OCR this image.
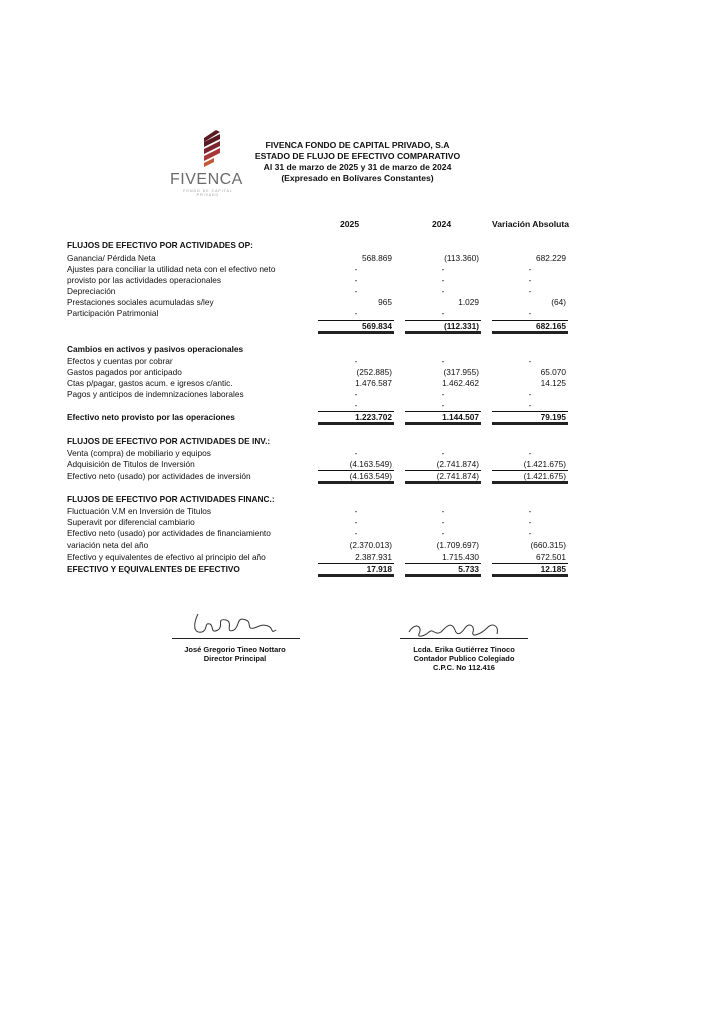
FIVENCA
FONDO DE CAPITAL PRIVADO
FIVENCA FONDO DE CAPITAL PRIVADO, S.A
ESTADO DE FLUJO DE EFECTIVO COMPARATIVO
Al 31 de marzo de 2025 y 31 de marzo de 2024
(Expresado en Bolívares Constantes)
2025	2024	Variación Absoluta
FLUJOS DE EFECTIVO POR ACTIVIDADES OP:
Ganancia/ Pérdida Neta	568.869	(113.360)	682.229
Ajustes para conciliar la utilidad neta con el efectivo neto	-	-	-
provisto por las actividades operacionales	-	-	-
Depreciación	-	-	-
Prestaciones sociales acumuladas s/ley	965	1.029	(64)
Participación Patrimonial	-	-	-
569.834	(112.331)	682.165
Cambios en activos y pasivos operacionales
Efectos y cuentas por cobrar	-	-	-
Gastos pagados por anticipado	(252.885)	(317.955)	65.070
Ctas p/pagar, gastos acum. e igresos c/antic.	1.476.587	1.462.462	14.125
Pagos y anticipos de indemnizaciones laborales	-	-	-
-	-	-
Efectivo neto provisto por las operaciones	1.223.702	1.144.507	79.195
FLUJOS DE EFECTIVO POR ACTIVIDADES DE INV.:
Venta (compra) de mobiliario y equipos	-	-	-
Adquisición de Titulos de Inversión	(4.163.549)	(2.741.874)	(1.421.675)
Efectivo neto (usado) por actividades de inversión	(4.163.549)	(2.741.874)	(1.421.675)
FLUJOS DE EFECTIVO POR ACTIVIDADES FINANC.:
Fluctuación V.M en Inversión de Titulos	-	-	-
Superavit por diferencial cambiario	-	-	-
Efectivo neto (usado) por actividades de financiamiento	-	-	-
variación neta del año	(2.370.013)	(1.709.697)	(660.315)
Efectivo y equivalentes de efectivo al principio del año	2.387.931	1.715.430	672.501
EFECTIVO Y EQUIVALENTES DE EFECTIVO	17.918	5.733	12.185
José Gregorio Tineo Nottaro
Director Principal
Lcda. Erika Gutiérrez Tinoco
Contador Publico Colegiado
C.P.C. No 112.416
